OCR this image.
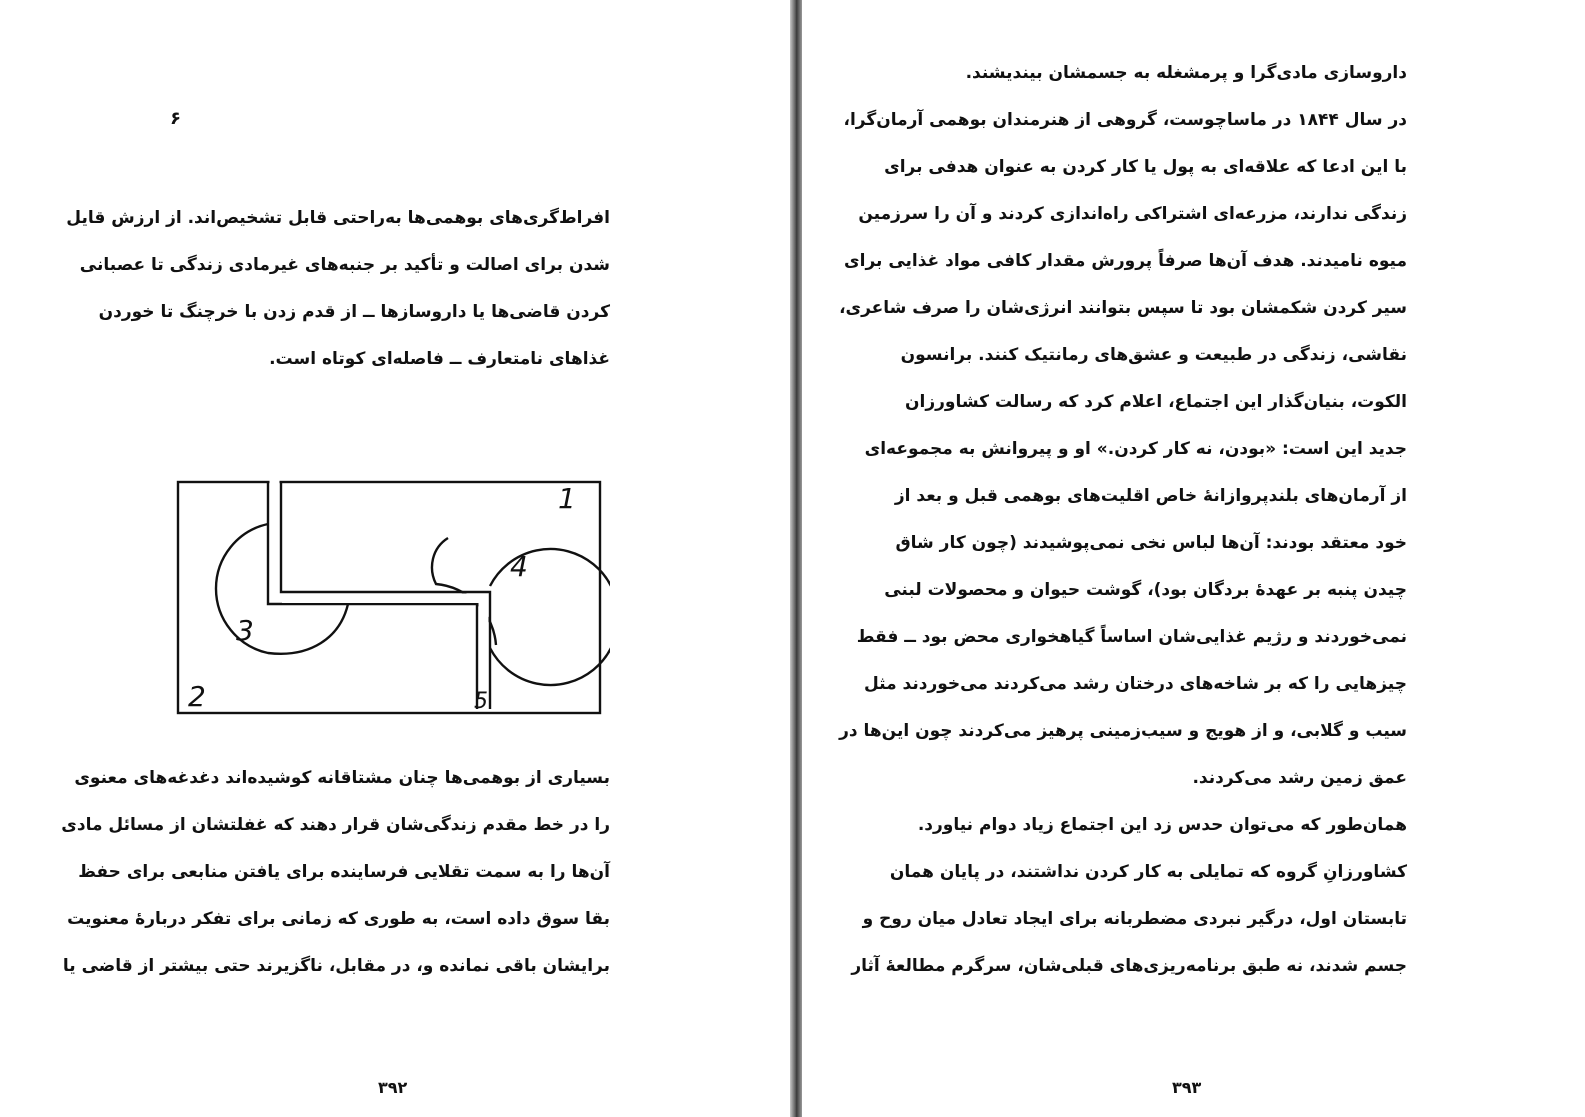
۶
افراط‌گری‌های بوهمی‌ها به‌راحتی قابل تشخیص‌اند. از ارزش قایل
شدن برای اصالت و تأکید بر جنبه‌های غیرمادی زندگی تا عصبانی
کردن قاضی‌ها یا داروسازها ــ از قدم زدن با خرچنگ تا خوردن
غذاهای نامتعارف ــ فاصله‌ای کوتاه است.
1
2
3
4
5
بسیاری از بوهمی‌ها چنان مشتاقانه کوشیده‌اند دغدغه‌های معنوی
را در خط مقدم زندگی‌شان قرار دهند که غفلتشان از مسائل مادی
آن‌ها را به سمت تقلایی فرساینده برای یافتن منابعی برای حفظ
بقا سوق داده است، به طوری که زمانی برای تفکر دربارهٔ معنویت
برایشان باقی نمانده و، در مقابل، ناگزیرند حتی بیشتر از قاضی یا
۳۹۲
داروسازی مادی‌گرا و پرمشغله به جسمشان بیندیشند.
در سال ۱۸۴۴ در ماساچوست، گروهی از هنرمندان بوهمی آرمان‌گرا،
با این ادعا که علاقه‌ای به پول یا کار کردن به عنوان هدفی برای
زندگی ندارند، مزرعه‌ای اشتراکی راه‌اندازی کردند و آن را سرزمین
میوه نامیدند. هدف آن‌ها صرفاً پرورش مقدار کافی مواد غذایی برای
سیر کردن شکمشان بود تا سپس بتوانند انرژی‌شان را صرف شاعری،
نقاشی، زندگی در طبیعت و عشق‌های رمانتیک کنند. برانسون
الکوت، بنیان‌گذار این اجتماع، اعلام کرد که رسالت کشاورزان
جدید این است: «بودن، نه کار کردن.» او و پیروانش به مجموعه‌ای
از آرمان‌های بلندپروازانهٔ خاص اقلیت‌های بوهمی قبل و بعد از
خود معتقد بودند: آن‌ها لباس نخی نمی‌پوشیدند (چون کار شاق
چیدن پنبه بر عهدهٔ بردگان بود)، گوشت حیوان و محصولات لبنی
نمی‌خوردند و رژیم غذایی‌شان اساساً گیاهخواری محض بود ــ فقط
چیزهایی را که بر شاخه‌های درختان رشد می‌کردند می‌خوردند مثل
سیب و گلابی، و از هویج و سیب‌زمینی پرهیز می‌کردند چون این‌ها در
عمق زمین رشد می‌کردند.
همان‌طور که می‌توان حدس زد این اجتماع زیاد دوام نیاورد.
کشاورزانِ گروه که تمایلی به کار کردن نداشتند، در پایان همان
تابستان اول، درگیر نبردی مضطربانه برای ایجاد تعادل میان روح و
جسم شدند، نه طبق برنامه‌ریزی‌های قبلی‌شان، سرگرم مطالعهٔ آثار
۳۹۳
